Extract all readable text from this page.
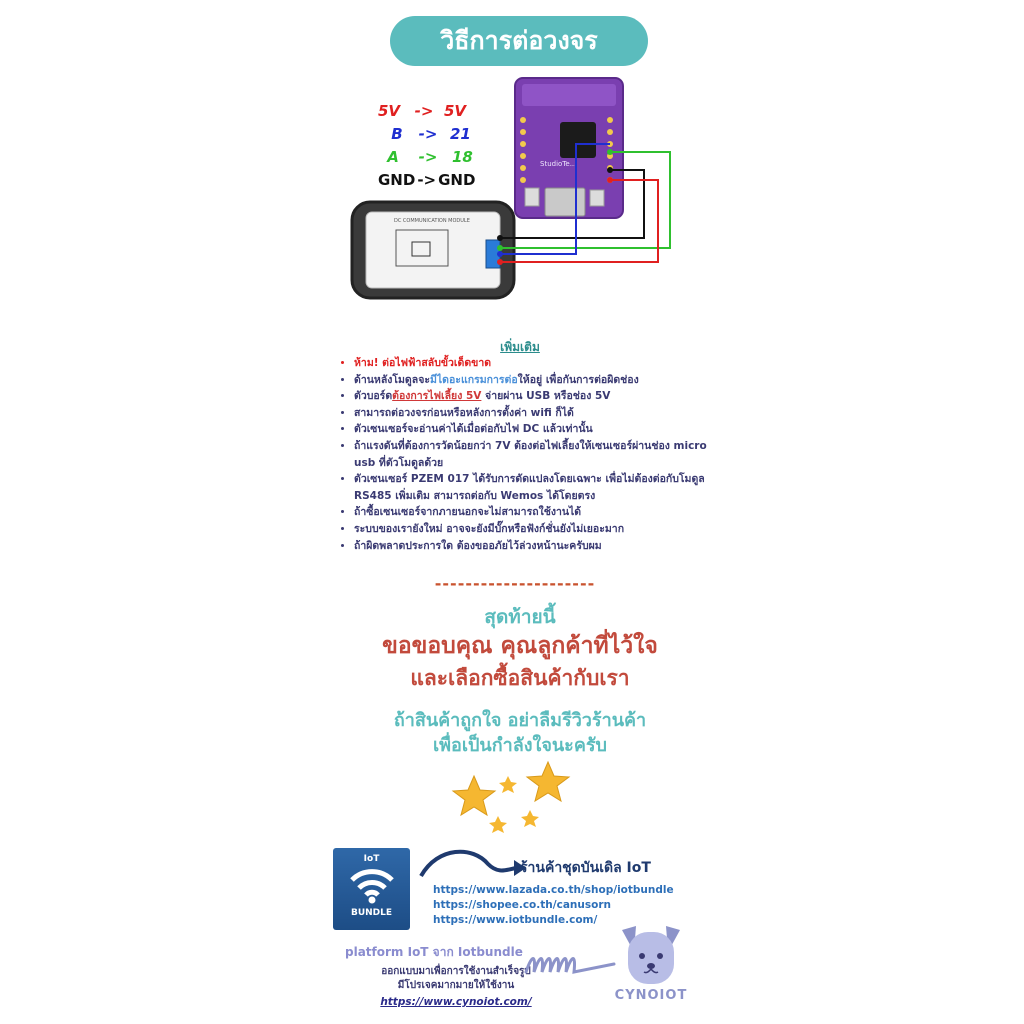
วิธีการต่อวงจร
5V -> 5V
B	-> 21
A	-> 18
GND -> GND
StudioTe...
DC COMMUNICATION MODULE
เพิ่มเติม
• ห้าม! ต่อไฟฟ้าสลับขั้วเด็ดขาด
• ด้านหลังโมดูลจะมีไดอะแกรมการต่อให้อยู่ เพื่อกันการต่อผิดช่อง
• ตัวบอร์ดต้องการไฟเลี้ยง 5V จ่ายผ่าน USB หรือช่อง 5V
• สามารถต่อวงจรก่อนหรือหลังการตั้งค่า wifi ก็ได้
• ตัวเซนเซอร์จะอ่านค่าได้เมื่อต่อกับไฟ DC แล้วเท่านั้น
• ถ้าแรงดันที่ต้องการวัดน้อยกว่า 7V ต้องต่อไฟเลี้ยงให้เซนเซอร์ผ่านช่อง micro usb ที่ตัวโมดูลด้วย
• ตัวเซนเซอร์ PZEM 017 ได้รับการดัดแปลงโดยเฉพาะ เพื่อไม่ต้องต่อกับโมดูล RS485 เพิ่มเติม สามารถต่อกับ Wemos ได้โดยตรง
• ถ้าซื้อเซนเซอร์จากภายนอกจะไม่สามารถใช้งานได้
• ระบบของเรายังใหม่ อาจจะยังมีบั๊กหรือฟังก์ชั่นยังไม่เยอะมาก
• ถ้าผิดพลาดประการใด ต้องขออภัยไว้ล่วงหน้านะครับผม
---------------------
สุดท้ายนี้
ขอขอบคุณ คุณลูกค้าที่ไว้ใจ
และเลือกซื้อสินค้ากับเรา
ถ้าสินค้าถูกใจ อย่าลืมรีวิวร้านค้า
เพื่อเป็นกำลังใจนะครับ
IoT
BUNDLE
ร้านค้าชุดบันเดิล IoT
https://www.lazada.co.th/shop/iotbundle
https://shopee.co.th/canusorn
https://www.iotbundle.com/
platform IoT จาก Iotbundle
ออกแบบมาเพื่อการใช้งานสำเร็จรูป
มีโปรเจคมากมายให้ใช้งาน
https://www.cynoiot.com/	CYNOIOT
